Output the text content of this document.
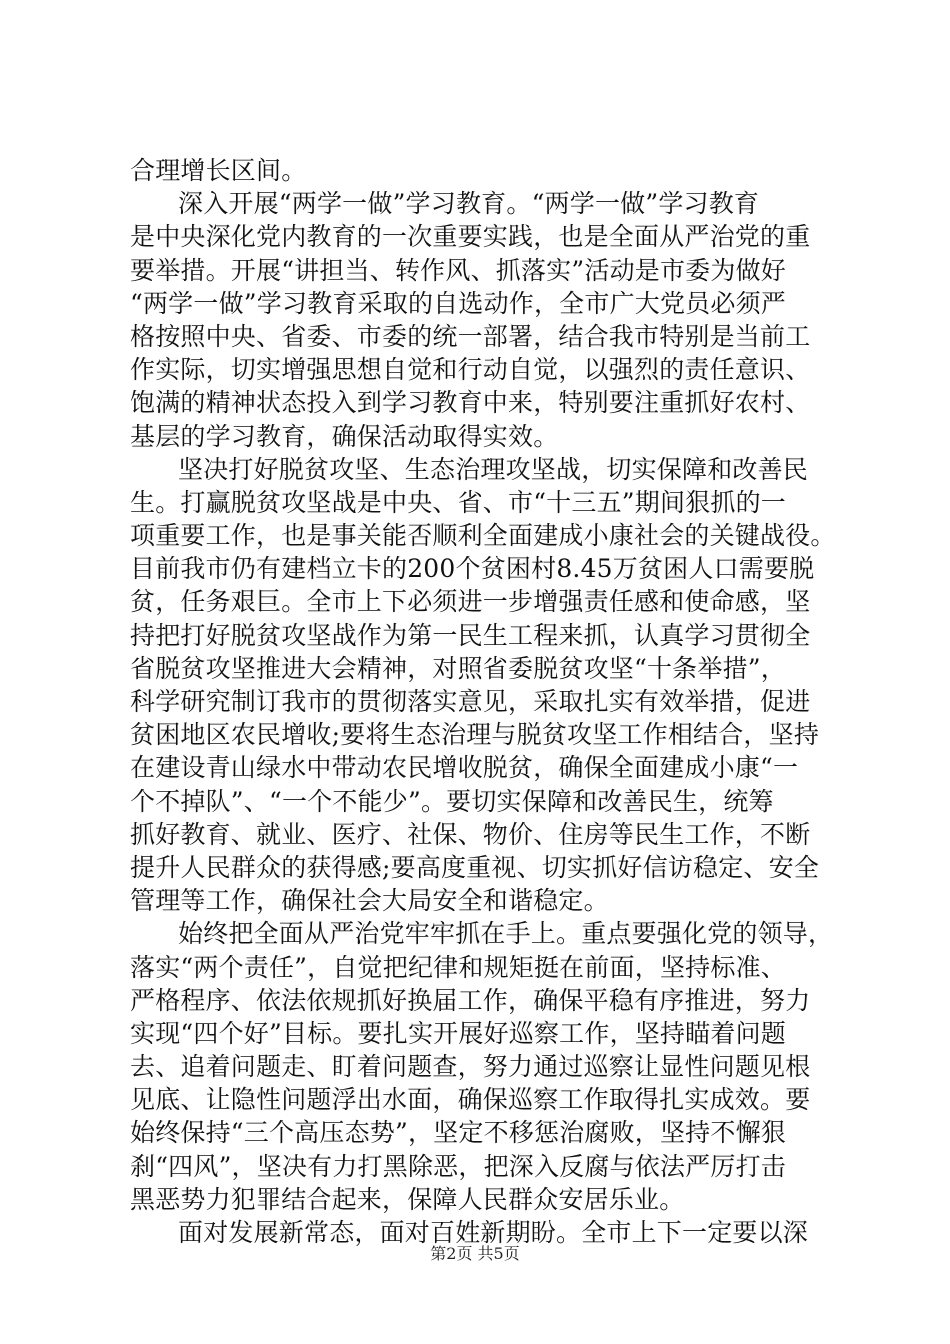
合理增长区间。
深入开展“两学一做”学习教育。“两学一做”学习教育
是中央深化党内教育的一次重要实践，也是全面从严治党的重
要举措。开展“讲担当、转作风、抓落实”活动是市委为做好
“两学一做”学习教育采取的自选动作，全市广大党员必须严
格按照中央、省委、市委的统一部署，结合我市特别是当前工
作实际，切实增强思想自觉和行动自觉，以强烈的责任意识、
饱满的精神状态投入到学习教育中来，特别要注重抓好农村、
基层的学习教育，确保活动取得实效。
坚决打好脱贫攻坚、生态治理攻坚战，切实保障和改善民
生。打赢脱贫攻坚战是中央、省、市“十三五”期间狠抓的一
项重要工作，也是事关能否顺利全面建成小康社会的关键战役。
目前我市仍有建档立卡的200个贫困村8.45万贫困人口需要脱
贫，任务艰巨。全市上下必须进一步增强责任感和使命感，坚
持把打好脱贫攻坚战作为第一民生工程来抓，认真学习贯彻全
省脱贫攻坚推进大会精神，对照省委脱贫攻坚“十条举措”，
科学研究制订我市的贯彻落实意见，采取扎实有效举措，促进
贫困地区农民增收;要将生态治理与脱贫攻坚工作相结合，坚持
在建设青山绿水中带动农民增收脱贫，确保全面建成小康“一
个不掉队”、“一个不能少”。要切实保障和改善民生，统筹
抓好教育、就业、医疗、社保、物价、住房等民生工作，不断
提升人民群众的获得感;要高度重视、切实抓好信访稳定、安全
管理等工作，确保社会大局安全和谐稳定。
始终把全面从严治党牢牢抓在手上。重点要强化党的领导，
落实“两个责任”，自觉把纪律和规矩挺在前面，坚持标准、
严格程序、依法依规抓好换届工作，确保平稳有序推进，努力
实现“四个好”目标。要扎实开展好巡察工作，坚持瞄着问题
去、追着问题走、盯着问题查，努力通过巡察让显性问题见根
见底、让隐性问题浮出水面，确保巡察工作取得扎实成效。要
始终保持“三个高压态势”，坚定不移惩治腐败，坚持不懈狠
刹“四风”，坚决有力打黑除恶，把深入反腐与依法严厉打击
黑恶势力犯罪结合起来，保障人民群众安居乐业。
面对发展新常态，面对百姓新期盼。全市上下一定要以深
第2页 共5页
